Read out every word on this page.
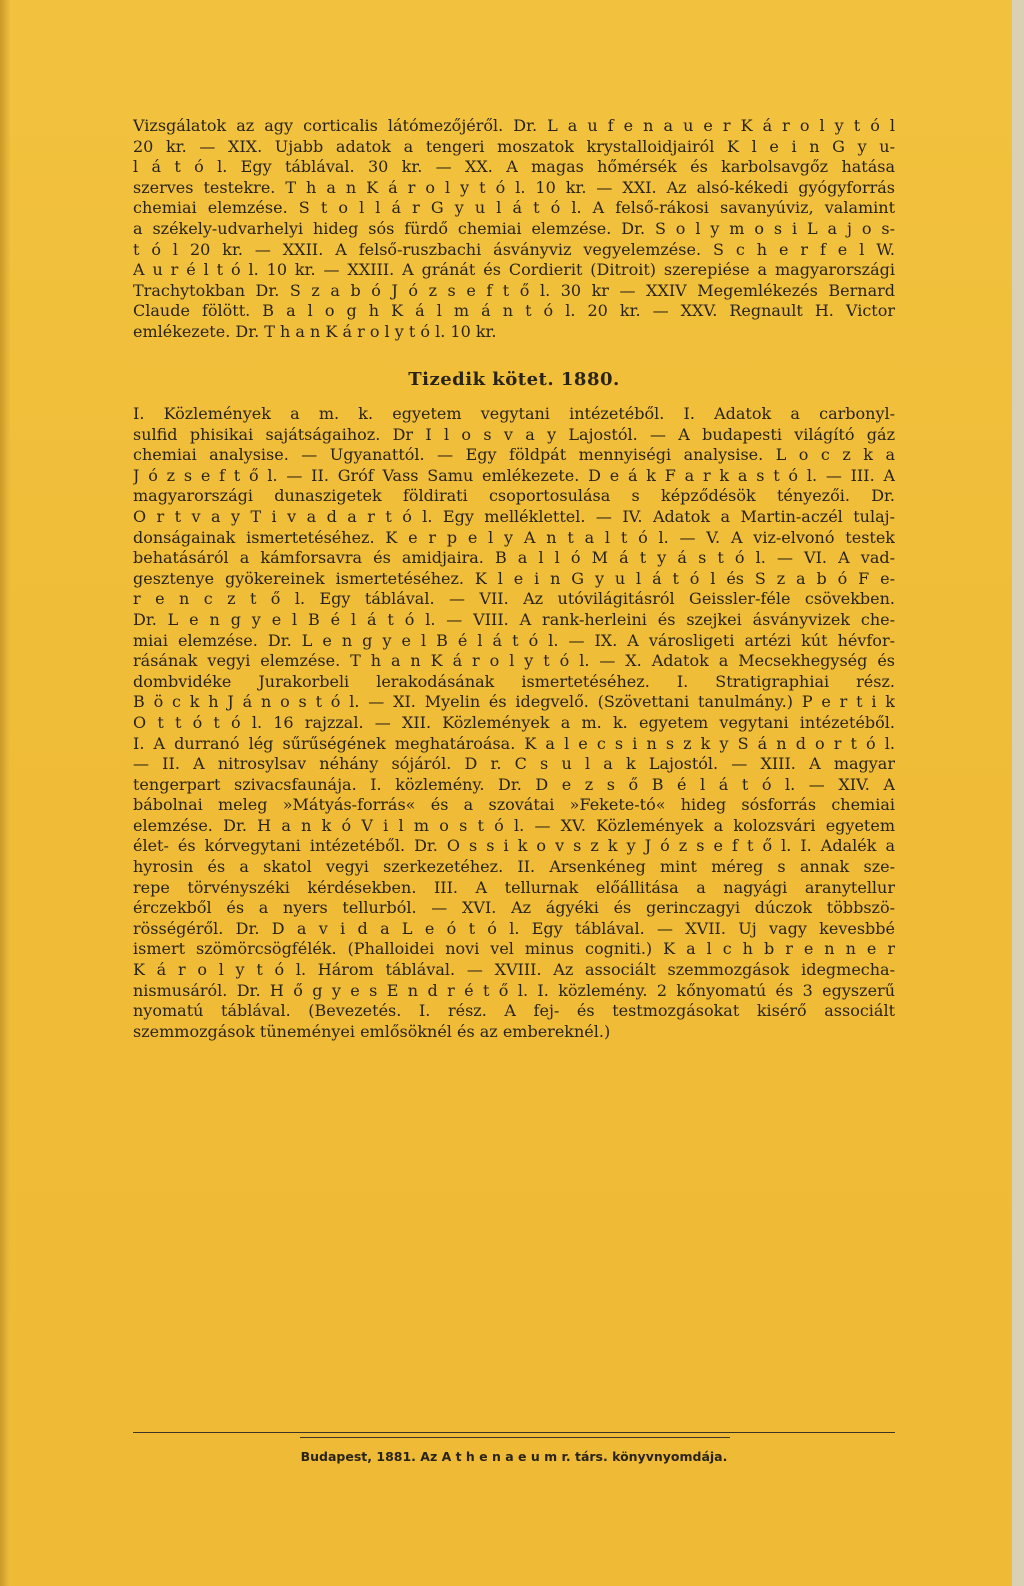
Vizsgálatok az agy corticalis látómezőjéről. Dr. L a u f e n a u e r K á r o l y t ó l
20 kr. — XIX. Ujabb adatok a tengeri moszatok krystalloidjairól K l e i n G y u-
l á t ó l. Egy táblával. 30 kr. — XX. A magas hőmérsék és karbolsavgőz hatása
szerves testekre. T h a n K á r o l y t ó l. 10 kr. — XXI. Az alsó-kékedi gyógyforrás
chemiai elemzése. S t o l l á r G y u l á t ó l. A felső-rákosi savanyúviz, valamint
a székely-udvarhelyi hideg sós fürdő chemiai elemzése. Dr. S o l y m o s i L a j o s-
t ó l 20 kr. — XXII. A felső-ruszbachi ásványviz vegyelemzése. S c h e r f e l W.
A u r é l t ó l. 10 kr. — XXIII. A gránát és Cordierit (Ditroit) szerepiése a magyarországi
Trachytokban Dr. S z a b ó J ó z s e f t ő l. 30 kr — XXIV Megemlékezés Bernard
Claude fölött. B a l o g h K á l m á n t ó l. 20 kr. — XXV. Regnault H. Victor
emlékezete. Dr. T h a n K á r o l y t ó l. 10 kr.
Tizedik kötet. 1880.
I. Közlemények a m. k. egyetem vegytani intézetéből. I. Adatok a carbonyl-
sulfid phisikai sajátságaihoz. Dr I l o s v a y Lajostól. — A budapesti világító gáz
chemiai analysise. — Ugyanattól. — Egy földpát mennyiségi analysise. L o c z k a
J ó z s e f t ő l. — II. Gróf Vass Samu emlékezete. D e á k F a r k a s t ó l. — III. A
magyarországi dunaszigetek földirati csoportosulása s képződésök tényezői. Dr.
O r t v a y T i v a d a r t ó l. Egy melléklettel. — IV. Adatok a Martin-aczél tulaj-
donságainak ismertetéséhez. K e r p e l y A n t a l t ó l. — V. A viz-elvonó testek
behatásáról a kámforsavra és amidjaira. B a l l ó M á t y á s t ó l. — VI. A vad-
gesztenye gyökereinek ismertetéséhez. K l e i n G y u l á t ó l és S z a b ó F e-
r e n c z t ő l. Egy táblával. — VII. Az utóvilágitásról Geissler-féle csövekben.
Dr. L e n g y e l B é l á t ó l. — VIII. A rank-herleini és szejkei ásványvizek che-
miai elemzése. Dr. L e n g y e l B é l á t ó l. — IX. A városligeti artézi kút hévfor-
rásának vegyi elemzése. T h a n K á r o l y t ó l. — X. Adatok a Mecsekhegység és
dombvidéke Jurakorbeli lerakodásának ismertetéséhez. I. Stratigraphiai rész.
B ö c k h J á n o s t ó l. — XI. Myelin és idegvelő. (Szövettani tanulmány.) P e r t i k
O t t ó t ó l. 16 rajzzal. — XII. Közlemények a m. k. egyetem vegytani intézetéből.
I. A durranó lég sűrűségének meghatároása. K a l e c s i n s z k y S á n d o r t ó l.
— II. A nitrosylsav néhány sójáról. D r. C s u l a k Lajostól. — XIII. A magyar
tengerpart szivacsfaunája. I. közlemény. Dr. D e z s ő B é l á t ó l. — XIV. A
bábolnai meleg »Mátyás-forrás« és a szovátai »Fekete-tó« hideg sósforrás chemiai
elemzése. Dr. H a n k ó V i l m o s t ó l. — XV. Közlemények a kolozsvári egyetem
élet- és kórvegytani intézetéből. Dr. O s s i k o v s z k y J ó z s e f t ő l. I. Adalék a
hyrosin és a skatol vegyi szerkezetéhez. II. Arsenkéneg mint méreg s annak sze-
repe törvényszéki kérdésekben. III. A tellurnak előállitása a nagyági aranytellur
érczekből és a nyers tellurból. — XVI. Az ágyéki és gerinczagyi dúczok többszö-
rösségéről. Dr. D a v i d a L e ó t ó l. Egy táblával. — XVII. Uj vagy kevesbbé
ismert szömörcsögfélék. (Phalloidei novi vel minus cogniti.) K a l c h b r e n n e r
K á r o l y t ó l. Három táblával. — XVIII. Az associált szemmozgások idegmecha-
nismusáról. Dr. H ő g y e s E n d r é t ő l. I. közlemény. 2 kőnyomatú és 3 egyszerű
nyomatú táblával. (Bevezetés. I. rész. A fej- és testmozgásokat kisérő associált
szemmozgások tüneményei emlősöknél és az embereknél.)
Budapest, 1881. Az A t h e n a e u m r. társ. könyvnyomdája.
